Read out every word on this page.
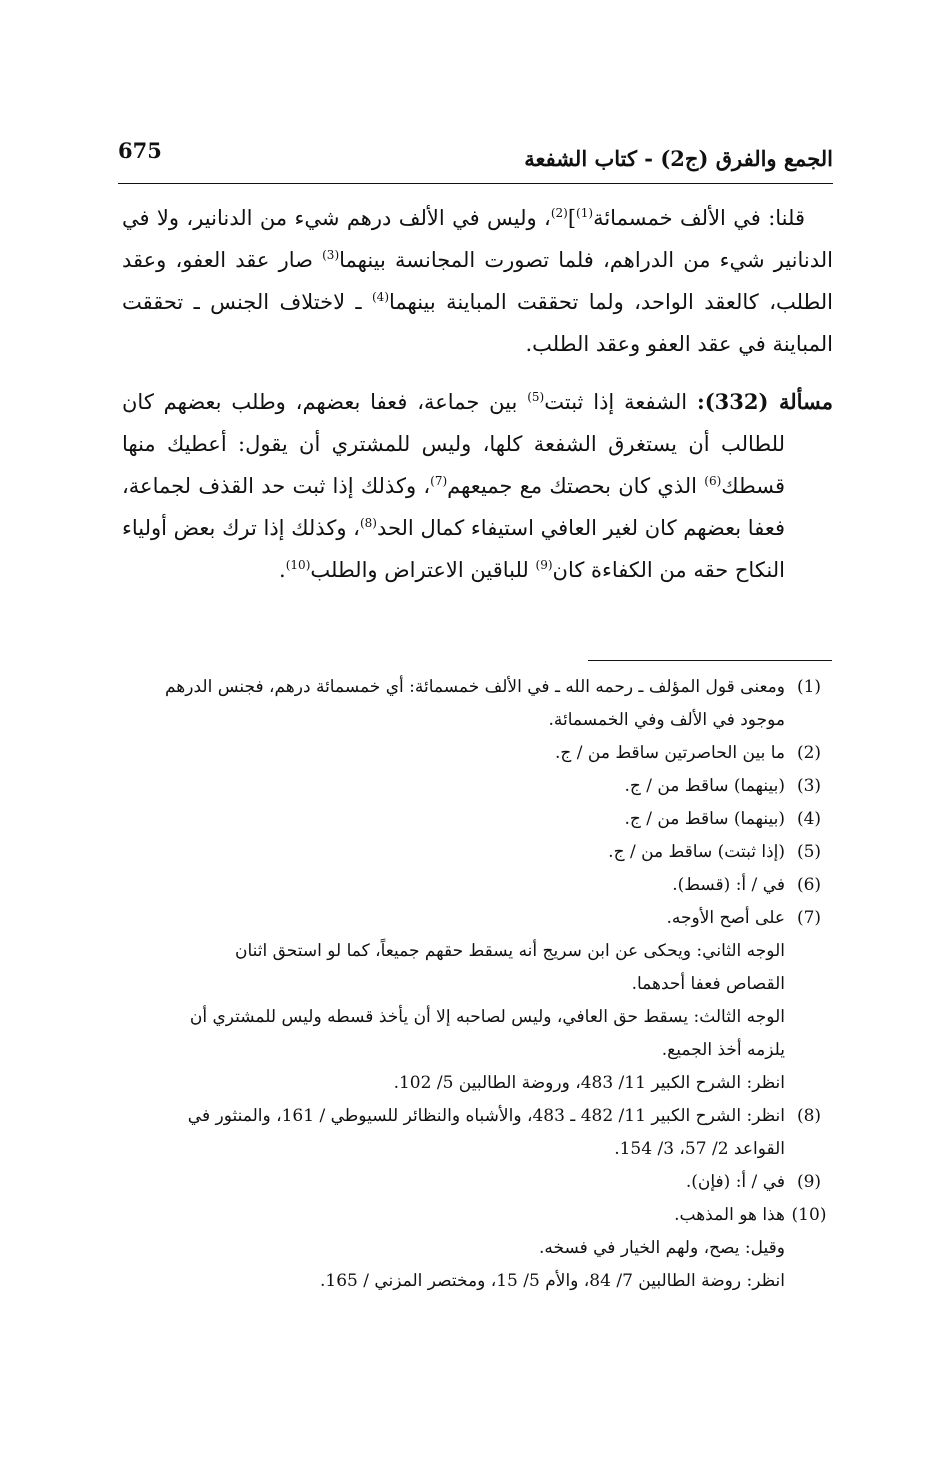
الجمع والفرق (ج2) - كتاب الشفعة
675

قلنا: في الألف خمسمائة$^{(1)}$]$^{(2)}$، وليس في الألف درهم شيء من الدنانير، ولا في الدنانير شيء من الدراهم، فلما تصورت المجانسة بينهما$^{(3)}$ صار عقد العفو، وعقد الطلب، كالعقد الواحد، ولما تحققت المباينة بينهما$^{(4)}$ ـ لاختلاف الجنس ـ تحققت المباينة في عقد العفو وعقد الطلب.

مسألة (332): الشفعة إذا ثبتت$^{(5)}$ بين جماعة، فعفا بعضهم، وطلب بعضهم كان للطالب أن يستغرق الشفعة كلها، وليس للمشتري أن يقول: أعطيك منها قسطك$^{(6)}$ الذي كان بحصتك مع جميعهم$^{(7)}$، وكذلك إذا ثبت حد القذف لجماعة، فعفا بعضهم كان لغير العافي استيفاء كمال الحد$^{(8)}$، وكذلك إذا ترك بعض أولياء النكاح حقه من الكفاءة كان$^{(9)}$ للباقين الاعتراض والطلب$^{(10)}$.

(1)
ومعنى قول المؤلف ـ رحمه الله ـ في الألف خمسمائة: أي خمسمائة درهم، فجنس الدرهم
موجود في الألف وفي الخمسمائة.
(2)
ما بين الحاصرتين ساقط من / ج.
(3)
(بينهما) ساقط من / ج.
(4)
(بينهما) ساقط من / ج.
(5)
(إذا ثبتت) ساقط من / ج.
(6)
في / أ: (قسط).
(7)
على أصح الأوجه.
الوجه الثاني: ويحكى عن ابن سريج أنه يسقط حقهم جميعاً، كما لو استحق اثنان
القصاص فعفا أحدهما.
الوجه الثالث: يسقط حق العافي، وليس لصاحبه إلا أن يأخذ قسطه وليس للمشتري أن
يلزمه أخذ الجميع.
انظر: الشرح الكبير 11/ 483، وروضة الطالبين 5/ 102.
(8)
انظر: الشرح الكبير 11/ 482 ـ 483، والأشباه والنظائر للسيوطي / 161، والمنثور في
القواعد 2/ 57، 3/ 154.
(9)
في / أ: (فإن).
(10)
هذا هو المذهب.
وقيل: يصح، ولهم الخيار في فسخه.
انظر: روضة الطالبين 7/ 84، والأم 5/ 15، ومختصر المزني / 165.
